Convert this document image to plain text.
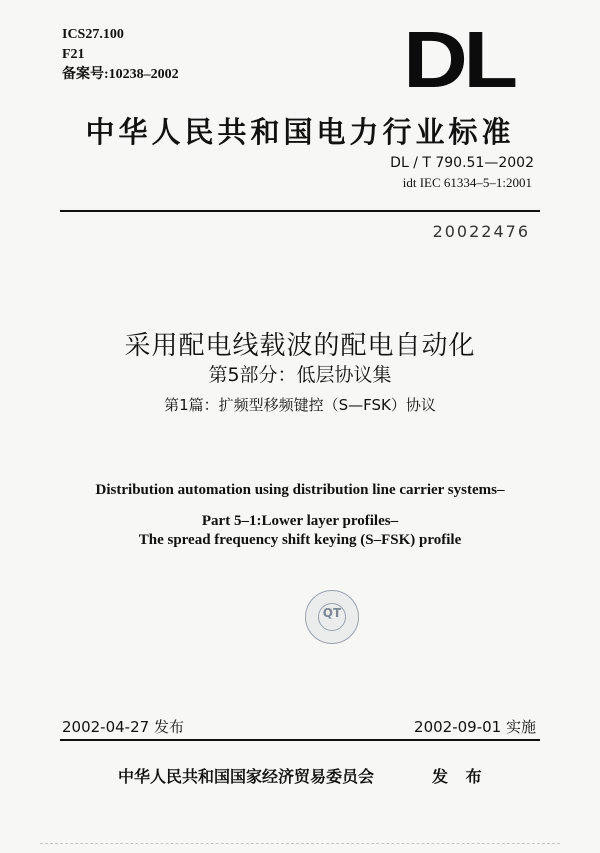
ICS27.100
F21
备案号:10238–2002	DL
中华人民共和国电力行业标准
DL / T 790.51—2002
idt IEC 61334–5–1:2001
20022476
采用配电线载波的配电自动化
第5部分：低层协议集
第1篇：扩频型移频键控（S—FSK）协议
Distribution automation using distribution line carrier systems–
Part 5–1:Lower layer profiles–
The spread frequency shift keying (S–FSK) profile
QT
2002-04-27 发布	2002-09-01 实施
中华人民共和国国家经济贸易委员会	发 布
